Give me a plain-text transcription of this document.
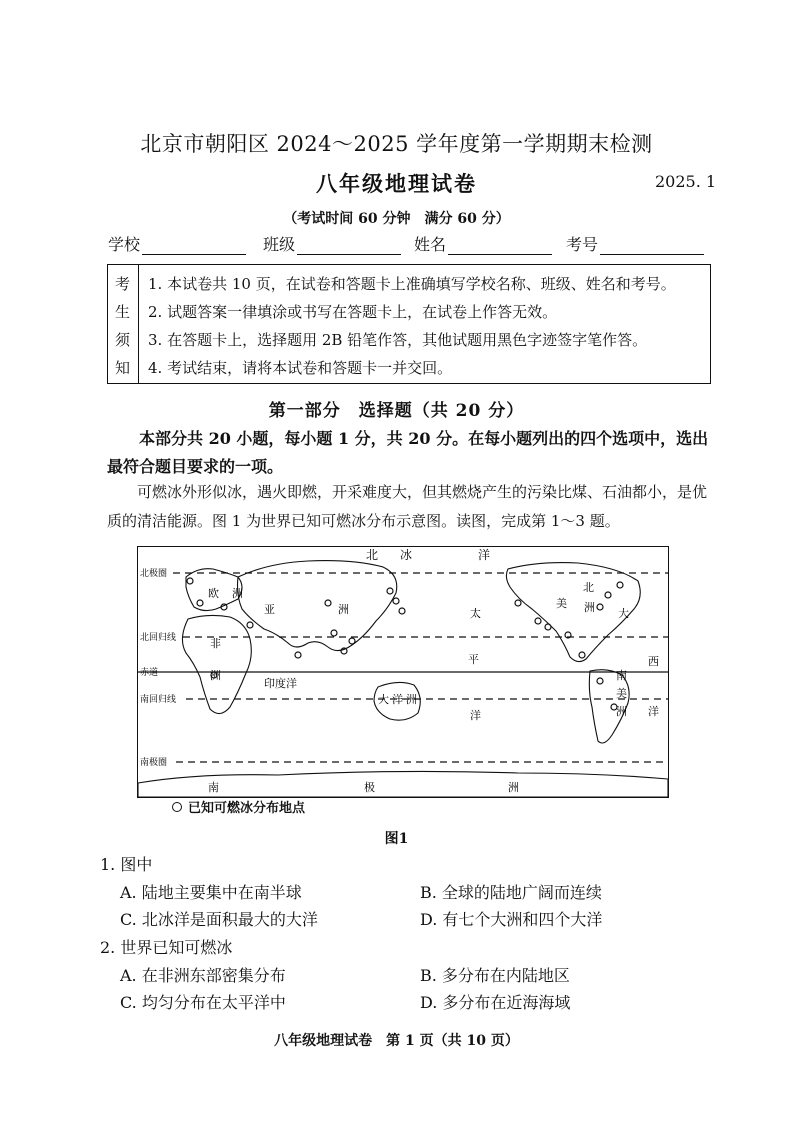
北京市朝阳区 2024～2025 学年度第一学期期末检测
八年级地理试卷	2025. 1
（考试时间 60 分钟　满分 60 分）
学校	班级	姓名	考号
考
生
须
知
1. 本试卷共 10 页，在试卷和答题卡上准确填写学校名称、班级、姓名和考号。
2. 试题答案一律填涂或书写在答题卡上，在试卷上作答无效。
3. 在答题卡上，选择题用 2B 铅笔作答，其他试题用黑色字迹签字笔作答。
4. 考试结束，请将本试卷和答题卡一并交回。
第一部分　选择题（共 20 分）
本部分共 20 小题，每小题 1 分，共 20 分。在每小题列出的四个选项中，选出最符合题目要求的一项。
可燃冰外形似冰，遇火即燃，开采难度大，但其燃烧产生的污染比煤、石油都小，是优质的清洁能源。图 1 为世界已知可燃冰分布示意图。读图，完成第 1～3 题。
北极圈
北回归线
赤道
南回归线
南极圈
北 冰	洋
欧 洲
亚	洲
北
美 洲
太	大
平	西
非
洲
印度洋
洋
南
美
洲 洋
大 洋 洲
南	极	洲
已知可燃冰分布地点
图1
1. 图中
A. 陆地主要集中在南半球	B. 全球的陆地广阔而连续
C. 北冰洋是面积最大的大洋	D. 有七个大洲和四个大洋
2. 世界已知可燃冰
A. 在非洲东部密集分布	B. 多分布在内陆地区
C. 均匀分布在太平洋中	D. 多分布在近海海域
八年级地理试卷　第 1 页（共 10 页）
